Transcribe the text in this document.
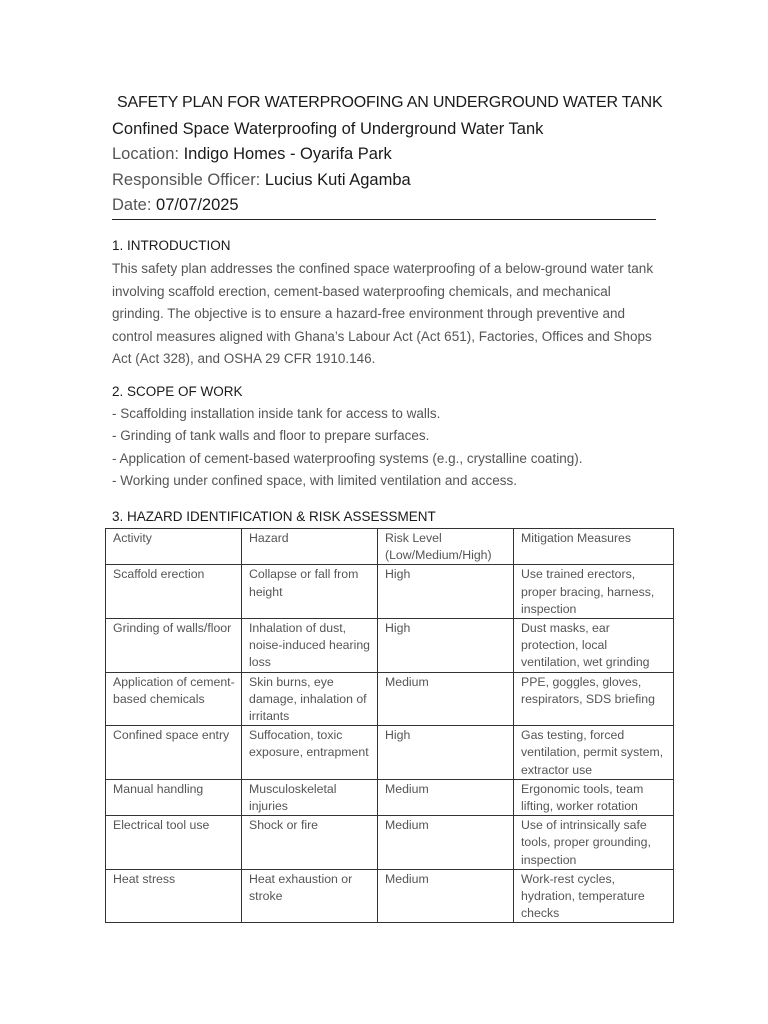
SAFETY PLAN FOR WATERPROOFING AN UNDERGROUND WATER TANK
Confined Space Waterproofing of Underground Water Tank
Location: Indigo Homes - Oyarifa Park
Responsible Officer: Lucius Kuti Agamba
Date: 07/07/2025
1. INTRODUCTION
This safety plan addresses the confined space waterproofing of a below-ground water tank involving scaffold erection, cement-based waterproofing chemicals, and mechanical grinding. The objective is to ensure a hazard-free environment through preventive and control measures aligned with Ghana’s Labour Act (Act 651), Factories, Offices and Shops Act (Act 328), and OSHA 29 CFR 1910.146.
2. SCOPE OF WORK
- Scaffolding installation inside tank for access to walls.
- Grinding of tank walls and floor to prepare surfaces.
- Application of cement-based waterproofing systems (e.g., crystalline coating).
- Working under confined space, with limited ventilation and access.
3. HAZARD IDENTIFICATION & RISK ASSESSMENT
Activity	Hazard	Risk Level (Low/Medium/High)	Mitigation Measures
Scaffold erection	Collapse or fall from height	High	Use trained erectors, proper bracing, harness, inspection
Grinding of walls/floor	Inhalation of dust, noise-induced hearing loss	High	Dust masks, ear protection, local ventilation, wet grinding
Application of cement-based chemicals	Skin burns, eye damage, inhalation of irritants	Medium	PPE, goggles, gloves, respirators, SDS briefing
Confined space entry	Suffocation, toxic exposure, entrapment	High	Gas testing, forced ventilation, permit system, extractor use
Manual handling	Musculoskeletal injuries	Medium	Ergonomic tools, team lifting, worker rotation
Electrical tool use	Shock or fire	Medium	Use of intrinsically safe tools, proper grounding, inspection
Heat stress	Heat exhaustion or stroke	Medium	Work-rest cycles, hydration, temperature checks
